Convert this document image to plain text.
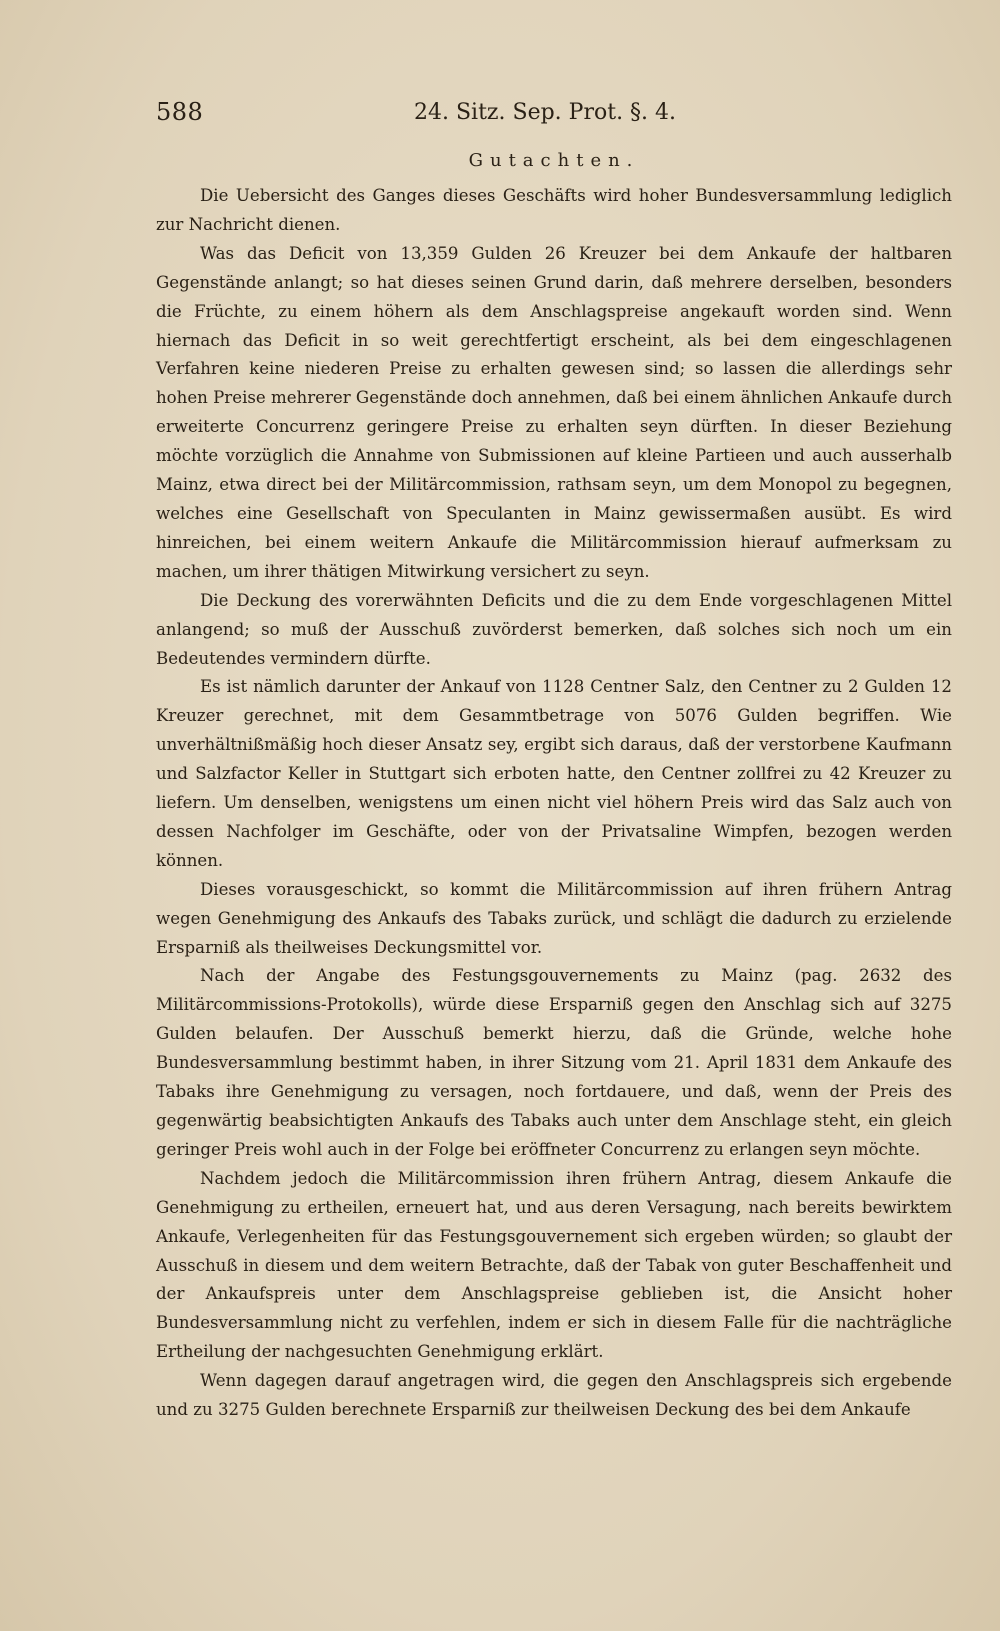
588	24. Sitz. Sep. Prot. §. 4.
Gutachten.

Die Uebersicht des Ganges dieses Geschäfts wird hoher Bundesversammlung lediglich zur Nachricht dienen.

Was das Deficit von 13,359 Gulden 26 Kreuzer bei dem Ankaufe der haltbaren Gegenstände anlangt; so hat dieses seinen Grund darin, daß mehrere derselben, besonders die Früchte, zu einem höhern als dem Anschlagspreise angekauft worden sind. Wenn hiernach das Deficit in so weit gerechtfertigt erscheint, als bei dem eingeschlagenen Verfahren keine niederen Preise zu erhalten gewesen sind; so lassen die allerdings sehr hohen Preise mehrerer Gegenstände doch annehmen, daß bei einem ähnlichen Ankaufe durch erweiterte Concurrenz geringere Preise zu erhalten seyn dürften. In dieser Beziehung möchte vorzüglich die Annahme von Submissionen auf kleine Partieen und auch ausserhalb Mainz, etwa direct bei der Militärcommission, rathsam seyn, um dem Monopol zu begegnen, welches eine Gesellschaft von Speculanten in Mainz gewissermaßen ausübt. Es wird hinreichen, bei einem weitern Ankaufe die Militärcommission hierauf aufmerksam zu machen, um ihrer thätigen Mitwirkung versichert zu seyn.

Die Deckung des vorerwähnten Deficits und die zu dem Ende vorgeschlagenen Mittel anlangend; so muß der Ausschuß zuvörderst bemerken, daß solches sich noch um ein Bedeutendes vermindern dürfte.

Es ist nämlich darunter der Ankauf von 1128 Centner Salz, den Centner zu 2 Gulden 12 Kreuzer gerechnet, mit dem Gesammtbetrage von 5076 Gulden begriffen. Wie unverhältnißmäßig hoch dieser Ansatz sey, ergibt sich daraus, daß der verstorbene Kaufmann und Salzfactor Keller in Stuttgart sich erboten hatte, den Centner zollfrei zu 42 Kreuzer zu liefern. Um denselben, wenigstens um einen nicht viel höhern Preis wird das Salz auch von dessen Nachfolger im Geschäfte, oder von der Privatsaline Wimpfen, bezogen werden können.

Dieses vorausgeschickt, so kommt die Militärcommission auf ihren frühern Antrag wegen Genehmigung des Ankaufs des Tabaks zurück, und schlägt die dadurch zu erzielende Ersparniß als theilweises Deckungsmittel vor.

Nach der Angabe des Festungsgouvernements zu Mainz (pag. 2632 des Militärcommissions-Protokolls), würde diese Ersparniß gegen den Anschlag sich auf 3275 Gulden belaufen. Der Ausschuß bemerkt hierzu, daß die Gründe, welche hohe Bundesversammlung bestimmt haben, in ihrer Sitzung vom 21. April 1831 dem Ankaufe des Tabaks ihre Genehmigung zu versagen, noch fortdauere, und daß, wenn der Preis des gegenwärtig beabsichtigten Ankaufs des Tabaks auch unter dem Anschlage steht, ein gleich geringer Preis wohl auch in der Folge bei eröffneter Concurrenz zu erlangen seyn möchte.

Nachdem jedoch die Militärcommission ihren frühern Antrag, diesem Ankaufe die Genehmigung zu ertheilen, erneuert hat, und aus deren Versagung, nach bereits bewirktem Ankaufe, Verlegenheiten für das Festungsgouvernement sich ergeben würden; so glaubt der Ausschuß in diesem und dem weitern Betrachte, daß der Tabak von guter Beschaffenheit und der Ankaufspreis unter dem Anschlagspreise geblieben ist, die Ansicht hoher Bundesversammlung nicht zu verfehlen, indem er sich in diesem Falle für die nachträgliche Ertheilung der nachgesuchten Genehmigung erklärt.

Wenn dagegen darauf angetragen wird, die gegen den Anschlagspreis sich ergebende und zu 3275 Gulden berechnete Ersparniß zur theilweisen Deckung des bei dem Ankaufe
